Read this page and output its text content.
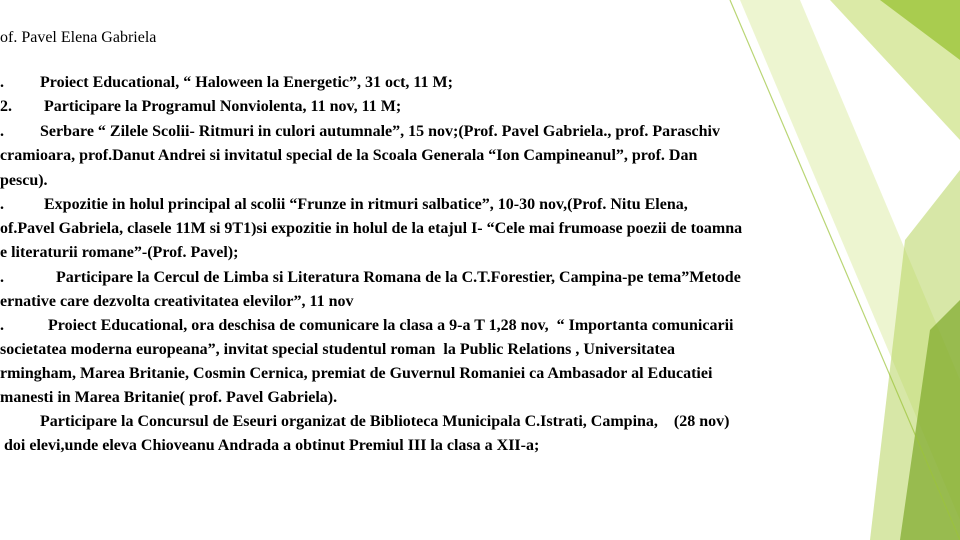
of. Pavel Elena Gabriela
.         Proiect Educational, “ Haloween la Energetic”, 31 oct, 11 M;
2.        Participare la Programul Nonviolenta, 11 nov, 11 M;
.         Serbare “ Zilele Scolii- Ritmuri in culori autumnale”, 15 nov;(Prof. Pavel Gabriela., prof. Paraschiv
cramioara, prof.Danut Andrei si invitatul special de la Scoala Generala “Ion Campineanul”, prof. Dan
pescu).
.          Expozitie in holul principal al scolii “Frunze in ritmuri salbatice”, 10-30 nov,(Prof. Nitu Elena,
of.Pavel Gabriela, clasele 11M si 9T1)si expozitie in holul de la etajul I- “Cele mai frumoase poezii de toamna
e literaturii romane”-(Prof. Pavel);
.             Participare la Cercul de Limba si Literatura Romana de la C.T.Forestier, Campina-pe tema”Metode
ernative care dezvolta creativitatea elevilor”, 11 nov
.           Proiect Educational, ora deschisa de comunicare la clasa a 9-a T 1,28 nov,  “ Importanta comunicarii
societatea moderna europeana”, invitat special studentul roman  la Public Relations , Universitatea
rmingham, Marea Britanie, Cosmin Cernica, premiat de Guvernul Romaniei ca Ambasador al Educatiei
manesti in Marea Britanie( prof. Pavel Gabriela).
Participare la Concursul de Eseuri organizat de Biblioteca Municipala C.Istrati, Campina,    (28 nov)
doi elevi,unde eleva Chioveanu Andrada a obtinut Premiul III la clasa a XII-a;
